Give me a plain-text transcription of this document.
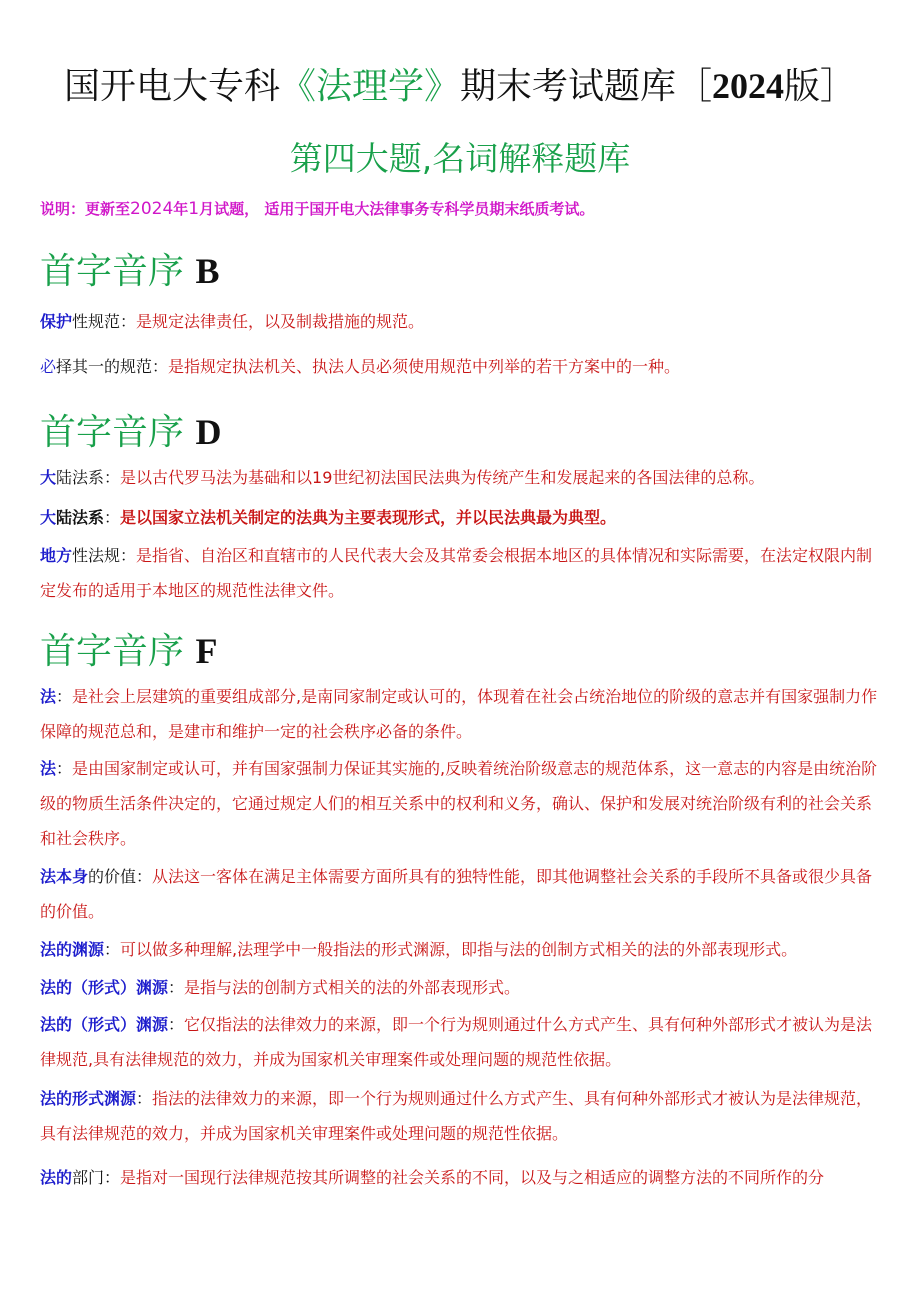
国开电大专科《法理学》期末考试题库［2024版］
第四大题,名词解释题库
说明：更新至2024年1月试题， 适用于国开电大法律事务专科学员期末纸质考试。
首字音序 B
保护性规范：是规定法律责任，以及制裁措施的规范。
必择其一的规范：是指规定执法机关、执法人员必须使用规范中列举的若干方案中的一种。
首字音序 D
大陆法系：是以古代罗马法为基础和以19世纪初法国民法典为传统产生和发展起来的各国法律的总称。
大陆法系：是以国家立法机关制定的法典为主要表现形式，并以民法典最为典型。
地方性法规：是指省、自治区和直辖市的人民代表大会及其常委会根据本地区的具体情况和实际需要，在法定权限内制定发布的适用于本地区的规范性法律文件。
首字音序 F
法：是社会上层建筑的重要组成部分,是南同家制定或认可的，体现着在社会占统治地位的阶级的意志并有国家强制力作保障的规范总和，是建市和维护一定的社会秩序必备的条件。
法：是由国家制定或认可，并有国家强制力保证其实施的,反映着统治阶级意志的规范体系，这一意志的内容是由统治阶级的物质生活条件决定的，它通过规定人们的相互关系中的权利和义务，确认、保护和发展对统治阶级有利的社会关系和社会秩序。
法本身的价值：从法这一客体在满足主体需要方面所具有的独特性能，即其他调整社会关系的手段所不具备或很少具备的价值。
法的渊源：可以做多种理解,法理学中一般指法的形式渊源，即指与法的创制方式相关的法的外部表现形式。
法的（形式）渊源：是指与法的创制方式相关的法的外部表现形式。
法的（形式）渊源：它仅指法的法律效力的来源，即一个行为规则通过什么方式产生、具有何种外部形式才被认为是法律规范,具有法律规范的效力，并成为国家机关审理案件或处理问题的规范性依据。
法的形式渊源：指法的法律效力的来源，即一个行为规则通过什么方式产生、具有何种外部形式才被认为是法律规范，具有法律规范的效力，并成为国家机关审理案件或处理问题的规范性依据。
法的部门：是指对一国现行法律规范按其所调整的社会关系的不同，以及与之相适应的调整方法的不同所作的分
